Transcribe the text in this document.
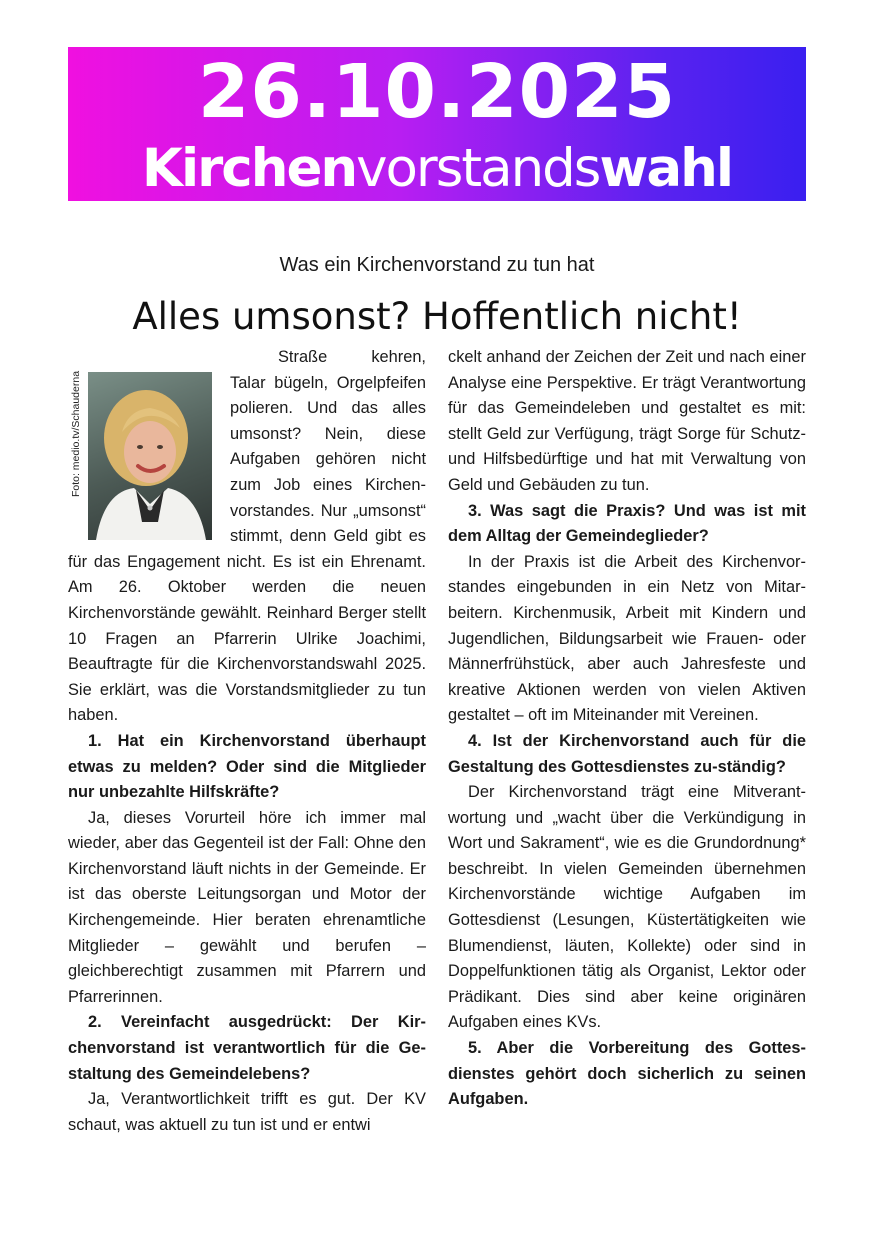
26.10.2025
Kirchenvorstandswahl
Was ein Kirchenvorstand zu tun hat
Alles umsonst? Hoffentlich nicht!
Foto: medio.tv/Schauderna

Straße kehren, Talar bügeln, Orgelpfeifen polieren. Und das alles umsonst? Nein, diese Aufgaben gehören nicht zum Job eines Kirchenvorstandes. Nur „umsonst“ stimmt, denn Geld gibt es für das Engagement nicht. Es ist ein Ehrenamt. Am 26. Oktober werden die neuen Kirchenvorstände gewählt. Reinhard Berger stellt 10 Fragen an Pfarrerin Ulrike Joachimi, Beauftragte für die Kirchenvorstandswahl 2025. Sie erklärt, was die Vorstandsmitglieder zu tun haben.

1. Hat ein Kirchenvorstand überhaupt etwas zu melden? Oder sind die Mitglieder nur unbezahlte Hilfskräfte?

Ja, dieses Vorurteil höre ich immer mal wieder, aber das Gegenteil ist der Fall: Ohne den Kirchenvorstand läuft nichts in der Gemeinde. Er ist das oberste Leitungsorgan und Motor der Kirchengemeinde. Hier beraten ehrenamtliche Mitglieder – gewählt und berufen – gleichberechtigt zusammen mit Pfarrern und Pfarrerinnen.

2. Vereinfacht ausgedrückt: Der Kirchenvorstand ist verantwortlich für die Gestaltung des Gemeindelebens?

Ja, Verantwortlichkeit trifft es gut. Der KV schaut, was aktuell zu tun ist und er entwi

ckelt anhand der Zeichen der Zeit und nach einer Analyse eine Perspektive. Er trägt Verantwortung für das Gemeindeleben und gestaltet es mit: stellt Geld zur Verfügung, trägt Sorge für Schutz- und Hilfsbedürftige und hat mit Verwaltung von Geld und Gebäuden zu tun.

3. Was sagt die Praxis? Und was ist mit dem Alltag der Gemeindeglieder?

In der Praxis ist die Arbeit des Kirchenvorstandes eingebunden in ein Netz von Mitarbeitern. Kirchenmusik, Arbeit mit Kindern und Jugendlichen, Bildungsarbeit wie Frauen- oder Männerfrühstück, aber auch Jahresfeste und kreative Aktionen werden von vielen Aktiven gestaltet – oft im Miteinander mit Vereinen.

4. Ist der Kirchenvorstand auch für die Gestaltung des Gottesdienstes zu-ständig?

Der Kirchenvorstand trägt eine Mitverantwortung und „wacht über die Verkündigung in Wort und Sakrament“, wie es die Grundordnung* beschreibt. In vielen Gemeinden übernehmen Kirchenvorstände wichtige Aufgaben im Gottesdienst (Lesungen, Küstertätigkeiten wie Blumendienst, läuten, Kollekte) oder sind in Doppelfunktionen tätig als Organist, Lektor oder Prädikant. Dies sind aber keine originären Aufgaben eines KVs.

5. Aber die Vorbereitung des Gottesdienstes gehört doch sicherlich zu seinen Aufgaben.
